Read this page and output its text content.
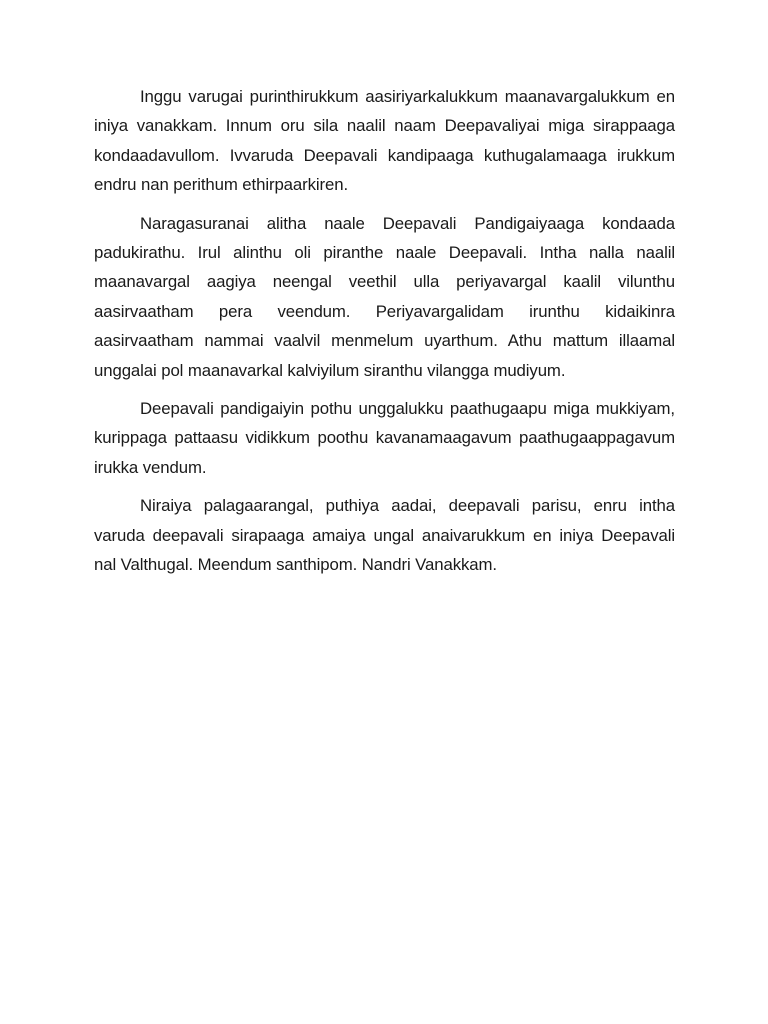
Inggu varugai purinthirukkum aasiriyarkalukkum maanavargalukkum en iniya vanakkam. Innum oru sila naalil naam Deepavaliyai miga sirappaaga kondaadavullom. Ivvaruda Deepavali kandipaaga kuthugalamaaga irukkum endru nan perithum ethirpaarkiren.

Naragasuranai alitha naale Deepavali Pandigaiyaaga kondaada padukirathu. Irul alinthu oli piranthe naale Deepavali. Intha nalla naalil maanavargal aagiya neengal veethil ulla periyavargal kaalil vilunthu aasirvaatham pera veendum. Periyavargalidam irunthu kidaikinra aasirvaatham nammai vaalvil menmelum uyarthum. Athu mattum illaamal unggalai pol maanavarkal kalviyilum siranthu vilangga mudiyum.

Deepavali pandigaiyin pothu unggalukku paathugaapu miga mukkiyam, kurippaga pattaasu vidikkum poothu kavanamaagavum paathugaappagavum irukka vendum.

Niraiya palagaarangal, puthiya aadai, deepavali parisu, enru intha varuda deepavali sirapaaga amaiya ungal anaivarukkum en iniya Deepavali nal Valthugal. Meendum santhipom. Nandri Vanakkam.
